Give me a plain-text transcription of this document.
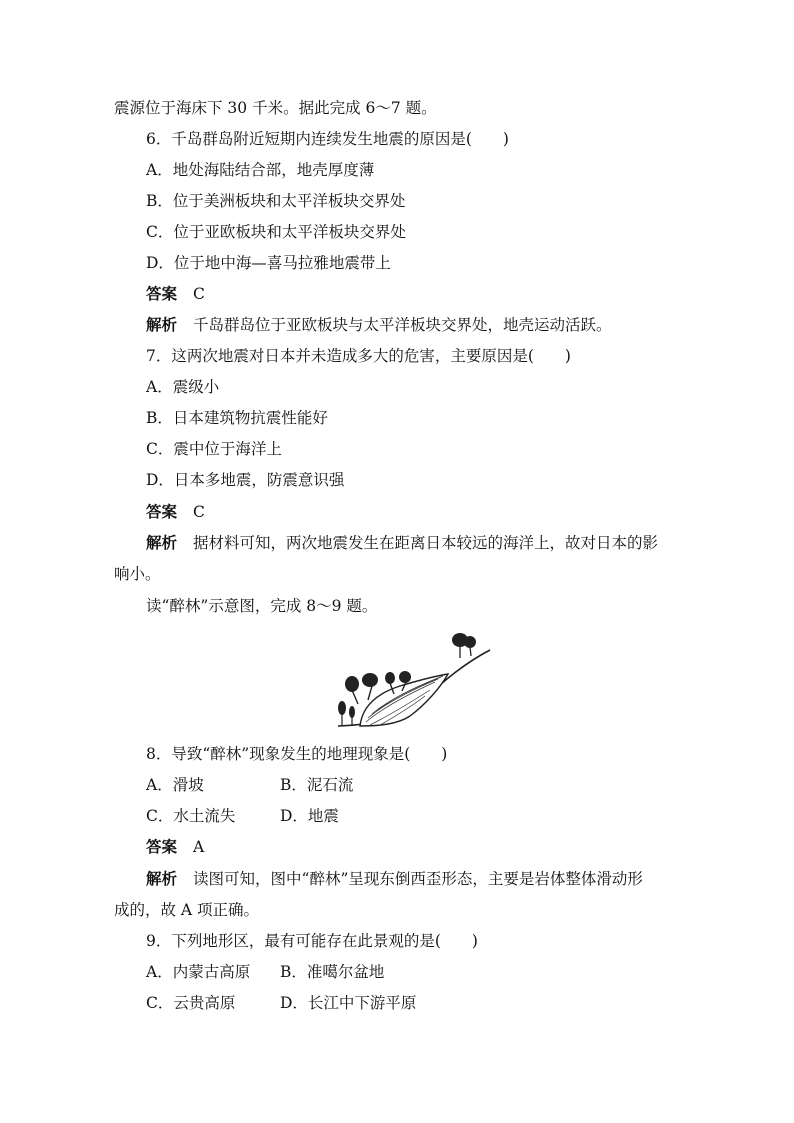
震源位于海床下 30 千米。据此完成 6～7 题。
6．千岛群岛附近短期内连续发生地震的原因是(　　)
A．地处海陆结合部，地壳厚度薄
B．位于美洲板块和太平洋板块交界处
C．位于亚欧板块和太平洋板块交界处
D．位于地中海—喜马拉雅地震带上
答案 C
解析 千岛群岛位于亚欧板块与太平洋板块交界处，地壳运动活跃。
7．这两次地震对日本并未造成多大的危害，主要原因是(　　)
A．震级小
B．日本建筑物抗震性能好
C．震中位于海洋上
D．日本多地震，防震意识强
答案 C
解析 据材料可知，两次地震发生在距离日本较远的海洋上，故对日本的影
响小。
读“醉林”示意图，完成 8～9 题。
8．导致“醉林”现象发生的地理现象是(　　)
A．滑坡	B．泥石流
C．水土流失	D．地震
答案 A
解析 读图可知，图中“醉林”呈现东倒西歪形态，主要是岩体整体滑动形
成的，故 A 项正确。
9．下列地形区，最有可能存在此景观的是(　　)
A．内蒙古高原 B．准噶尔盆地
C．云贵高原	D．长江中下游平原
